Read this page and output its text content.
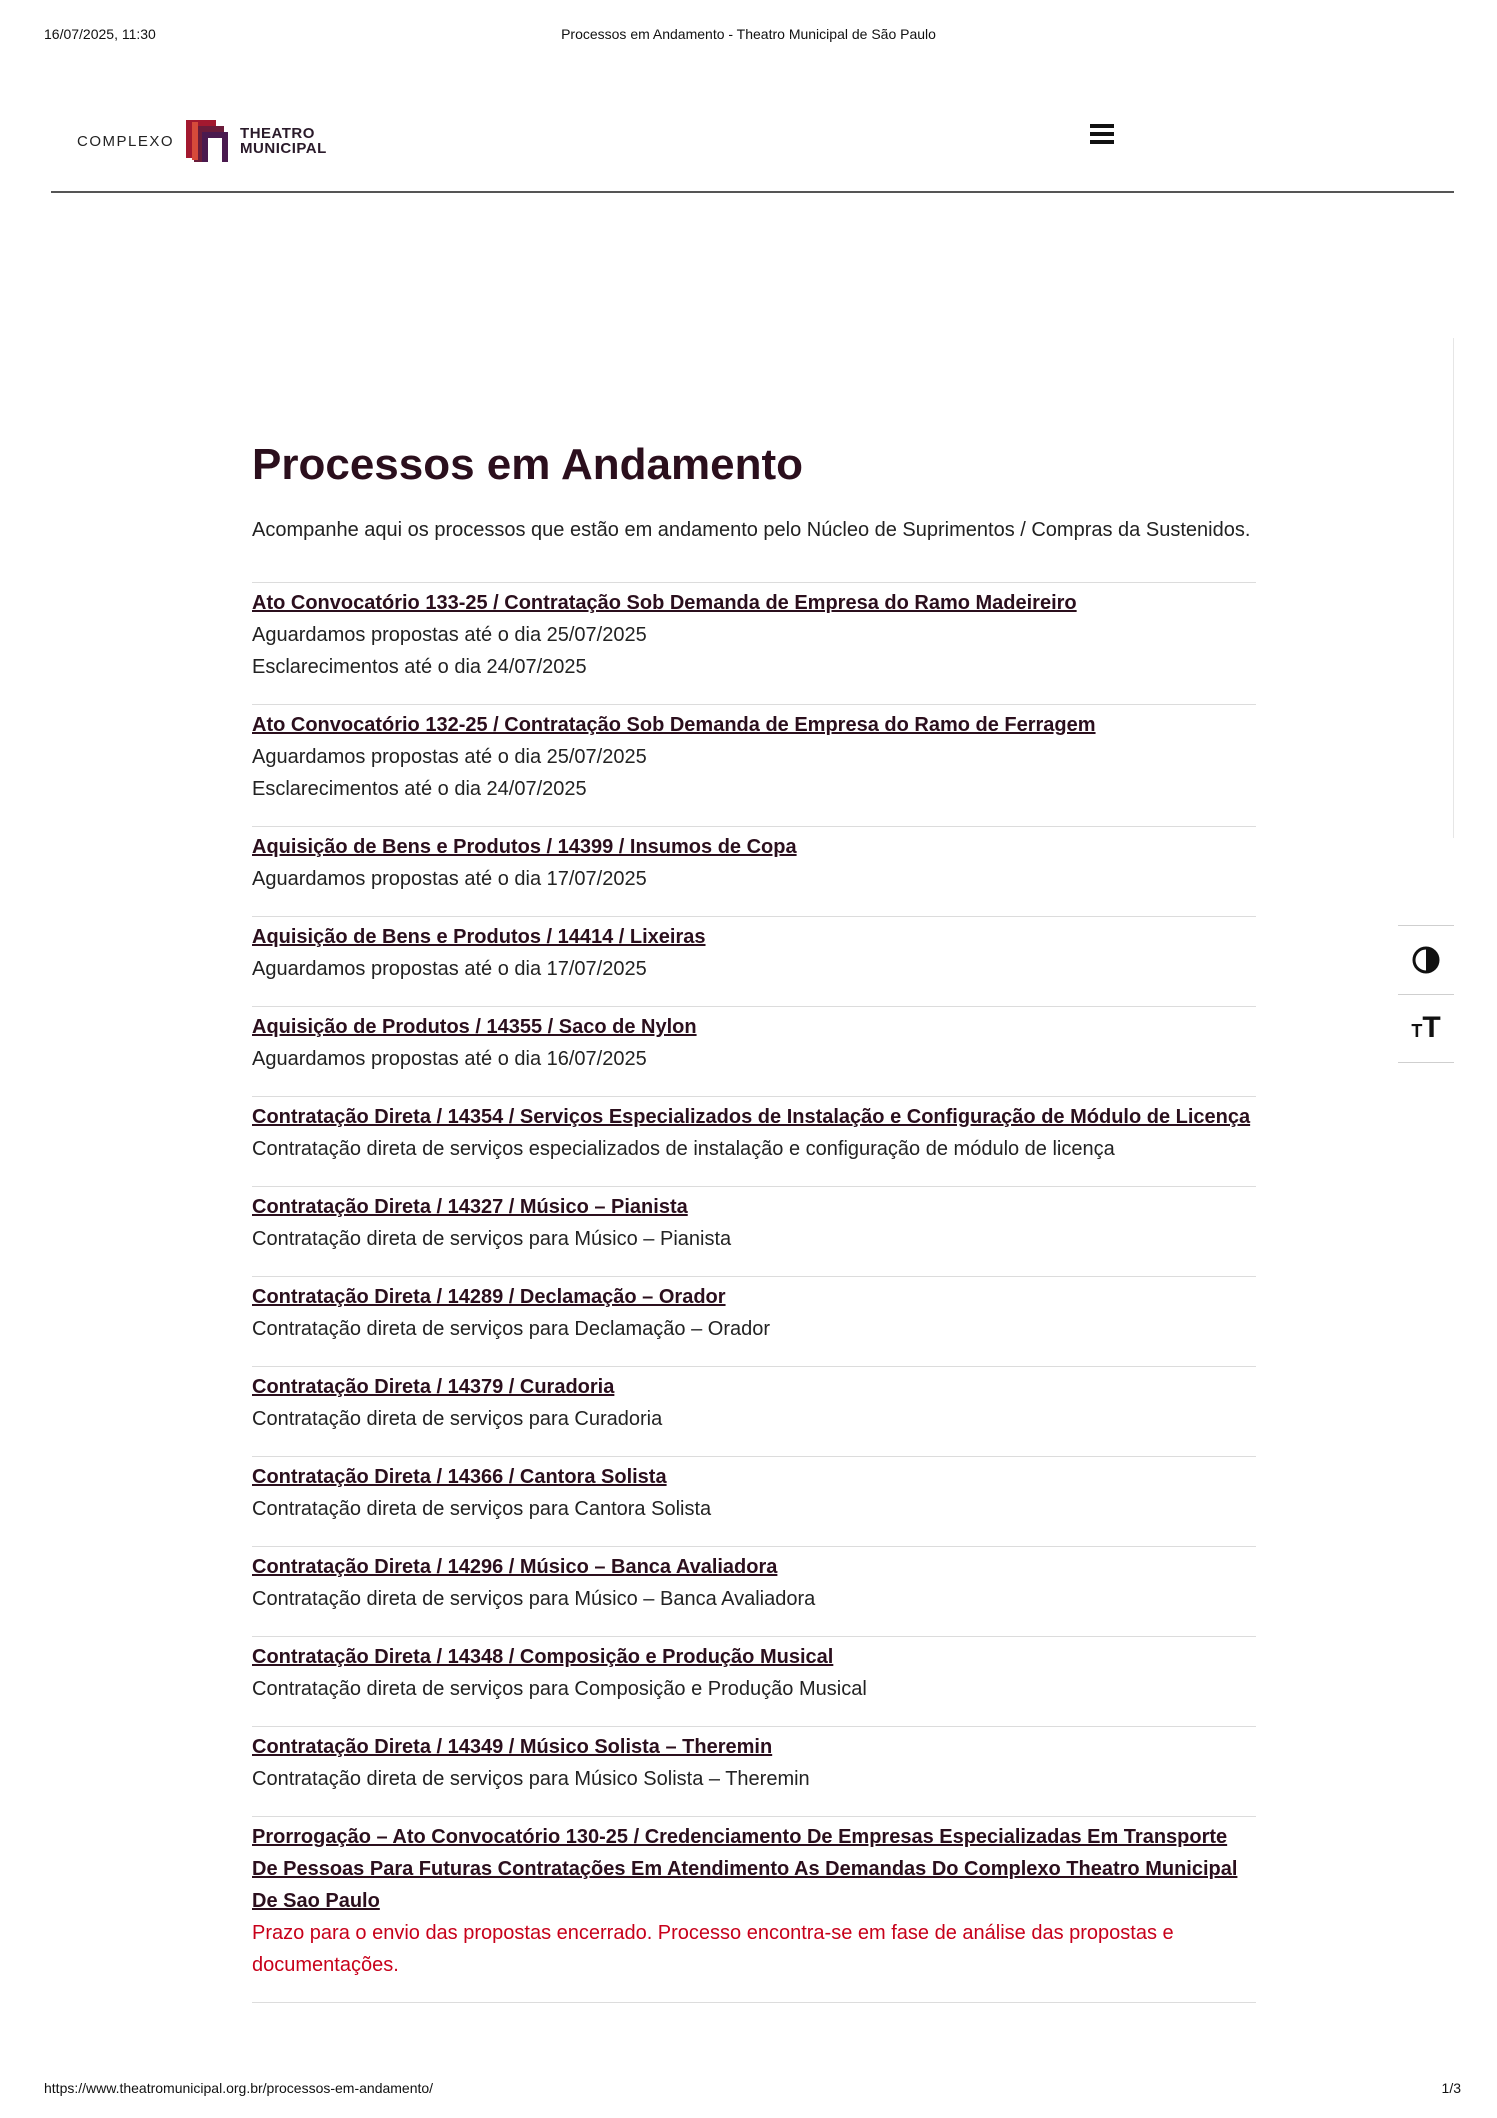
16/07/2025, 11:30	Processos em Andamento - Theatro Municipal de São Paulo
COMPLEXO	THEATRO
MUNICIPAL
TT
Processos em Andamento

Acompanhe aqui os processos que estão em andamento pelo Núcleo de Suprimentos / Compras da Sustenidos.

Ato Convocatório 133-25 / Contratação Sob Demanda de Empresa do Ramo Madeireiro
Aguardamos propostas até o dia 25/07/2025
Esclarecimentos até o dia 24/07/2025
Ato Convocatório 132-25 / Contratação Sob Demanda de Empresa do Ramo de Ferragem
Aguardamos propostas até o dia 25/07/2025
Esclarecimentos até o dia 24/07/2025
Aquisição de Bens e Produtos / 14399 / Insumos de Copa
Aguardamos propostas até o dia 17/07/2025
Aquisição de Bens e Produtos / 14414 / Lixeiras
Aguardamos propostas até o dia 17/07/2025
Aquisição de Produtos / 14355 / Saco de Nylon
Aguardamos propostas até o dia 16/07/2025
Contratação Direta / 14354 / Serviços Especializados de Instalação e Configuração de Módulo de Licença
Contratação direta de serviços especializados de instalação e configuração de módulo de licença
Contratação Direta / 14327 / Músico – Pianista
Contratação direta de serviços para Músico – Pianista
Contratação Direta / 14289 / Declamação – Orador
Contratação direta de serviços para Declamação – Orador
Contratação Direta / 14379 / Curadoria
Contratação direta de serviços para Curadoria
Contratação Direta / 14366 / Cantora Solista
Contratação direta de serviços para Cantora Solista
Contratação Direta / 14296 / Músico – Banca Avaliadora
Contratação direta de serviços para Músico – Banca Avaliadora
Contratação Direta / 14348 / Composição e Produção Musical
Contratação direta de serviços para Composição e Produção Musical
Contratação Direta / 14349 / Músico Solista – Theremin
Contratação direta de serviços para Músico Solista – Theremin
Prorrogação – Ato Convocatório 130-25 / Credenciamento De Empresas Especializadas Em Transporte De Pessoas Para Futuras Contratações Em Atendimento As Demandas Do Complexo Theatro Municipal De Sao Paulo
Prazo para o envio das propostas encerrado. Processo encontra-se em fase de análise das propostas e documentações.
https://www.theatromunicipal.org.br/processos-em-andamento/	1/3
